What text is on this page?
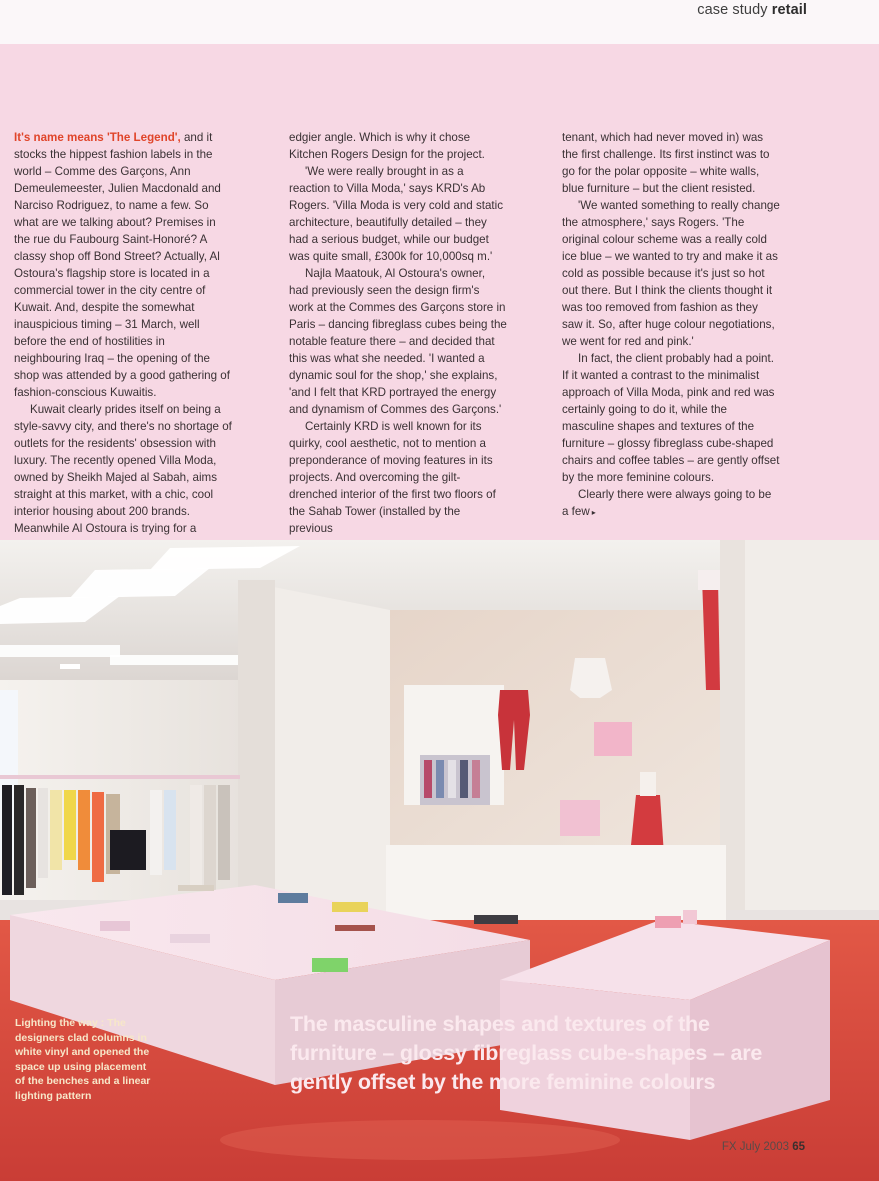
case study retail

It's name means 'The Legend', and it stocks the hippest fashion labels in the world – Comme des Garçons, Ann Demeulemeester, Julien Macdonald and Narciso Rodriguez, to name a few. So what are we talking about? Premises in the rue du Faubourg Saint-Honoré? A classy shop off Bond Street? Actually, Al Ostoura's flagship store is located in a commercial tower in the city centre of Kuwait. And, despite the somewhat inauspicious timing – 31 March, well before the end of hostilities in neighbouring Iraq – the opening of the shop was attended by a good gathering of fashion-conscious Kuwaitis.

Kuwait clearly prides itself on being a style-savvy city, and there's no shortage of outlets for the residents' obsession with luxury. The recently opened Villa Moda, owned by Sheikh Majed al Sabah, aims straight at this market, with a chic, cool interior housing about 200 brands. Meanwhile Al Ostoura is trying for a

edgier angle. Which is why it chose Kitchen Rogers Design for the project.

'We were really brought in as a reaction to Villa Moda,' says KRD's Ab Rogers. 'Villa Moda is very cold and static architecture, beautifully detailed – they had a serious budget, while our budget was quite small, £300k for 10,000sq m.'

Najla Maatouk, Al Ostoura's owner, had previously seen the design firm's work at the Commes des Garçons store in Paris – dancing fibreglass cubes being the notable feature there – and decided that this was what she needed. 'I wanted a dynamic soul for the shop,' she explains, 'and I felt that KRD portrayed the energy and dynamism of Commes des Garçons.'

Certainly KRD is well known for its quirky, cool aesthetic, not to mention a preponderance of moving features in its projects. And overcoming the gilt-drenched interior of the first two floors of the Sahab Tower (installed by the previous

tenant, which had never moved in) was the first challenge. Its first instinct was to go for the polar opposite – white walls, blue furniture – but the client resisted.

'We wanted something to really change the atmosphere,' says Rogers. 'The original colour scheme was a really cold ice blue – we wanted to try and make it as cold as possible because it's just so hot out there. But I think the clients thought it was too removed from fashion as they saw it. So, after huge colour negotiations, we went for red and pink.'

In fact, the client probably had a point. If it wanted a contrast to the minimalist approach of Villa Moda, pink and red was certainly going to do it, while the masculine shapes and textures of the furniture – glossy fibreglass cube-shaped chairs and coffee tables – are gently offset by the more feminine colours.

Clearly there were always going to be a few ▸

Lighting the way : The designers clad columns in white vinyl and opened the space up using placement of the benches and a linear lighting pattern
The masculine shapes and textures of the furniture – glossy fibreglass cube-shapes – are gently offset by the more feminine colours
FX July 2003 65
